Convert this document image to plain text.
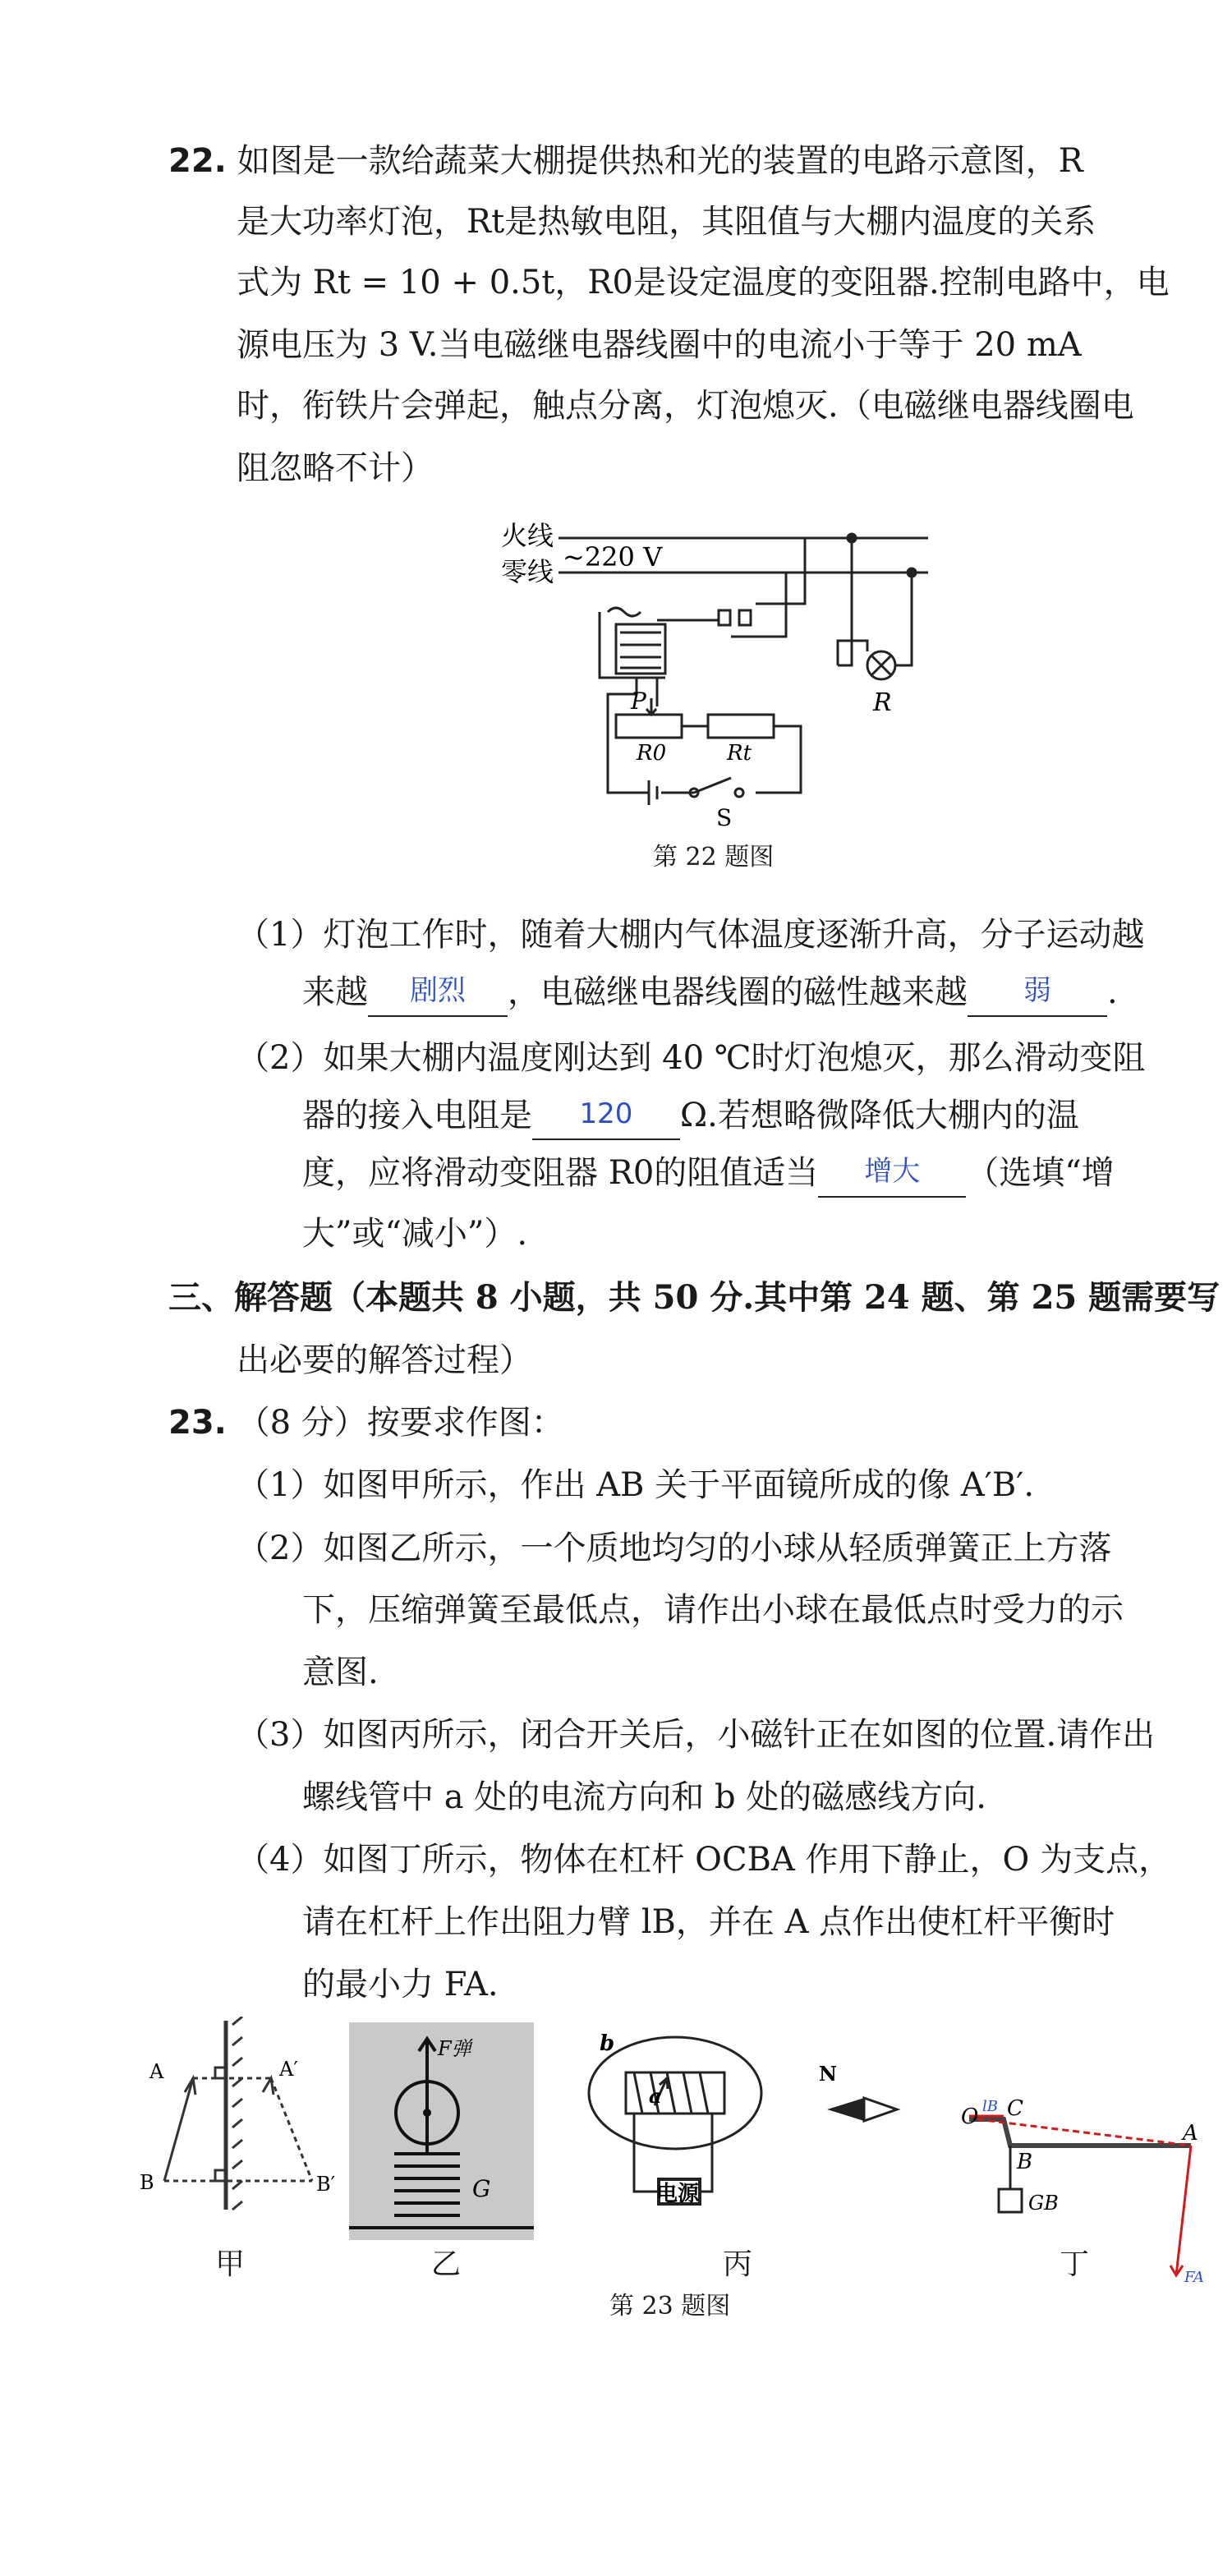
22. 如图是一款给蔬菜大棚提供热和光的装置的电路示意图，R
是大功率灯泡，Rt是热敏电阻，其阻值与大棚内温度的关系
式为 Rt = 10 + 0.5t，R0是设定温度的变阻器.控制电路中，电
源电压为 3 V.当电磁继电器线圈中的电流小于等于 20 mA
时，衔铁片会弹起，触点分离，灯泡熄灭.（电磁继电器线圈电
阻忽略不计）
火线
零线 ~220 V
P
R0	Rt
S
R
第 22 题图
（1）灯泡工作时，随着大棚内气体温度逐渐升高，分子运动越
来越 剧烈 ，电磁继电器线圈的磁性越来越 弱 .
（2）如果大棚内温度刚达到 40 ℃时灯泡熄灭，那么滑动变阻
器的接入电阻是 120 Ω.若想略微降低大棚内的温
度，应将滑动变阻器 R0的阻值适当 增大 （选填“增
大”或“减小”）.
三、解答题（本题共 8 小题，共 50 分.其中第 24 题、第 25 题需要写
出必要的解答过程）
23. （8 分）按要求作图：
（1）如图甲所示，作出 AB 关于平面镜所成的像 A′B′.
（2）如图乙所示，一个质地均匀的小球从轻质弹簧正上方落
下，压缩弹簧至最低点，请作出小球在最低点时受力的示
意图.
（3）如图丙所示，闭合开关后，小磁针正在如图的位置.请作出
螺线管中 a 处的电流方向和 b 处的磁感线方向.
（4）如图丁所示，物体在杠杆 OCBA 作用下静止，O 为支点，
请在杠杆上作出阻力臂 lB，并在 A 点作出使杠杆平衡时
的最小力 FA.
A	A′
B	B′
F弹
G
b
a
电源
N
O lB C
B
A
GB
FA
甲	乙	丙	丁
第 23 题图
